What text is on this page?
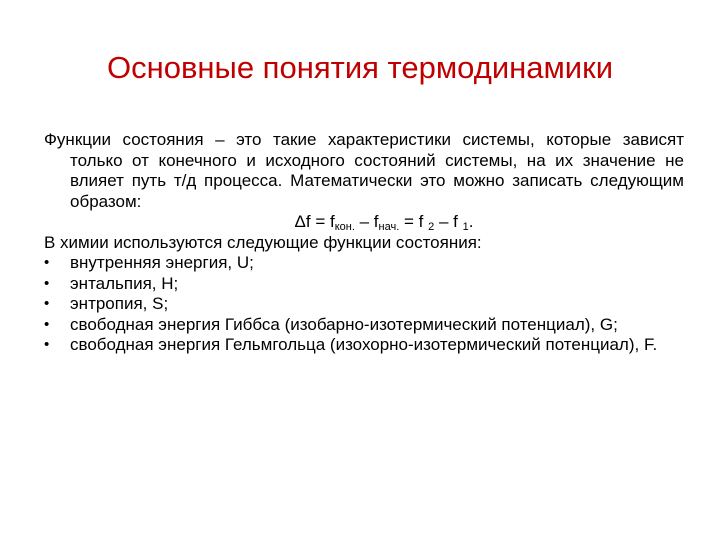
Основные понятия термодинамики
Функции состояния – это такие характеристики системы, которые зависят только от конечного и исходного состояний системы, на их значение не влияет путь т/д процесса. Математически это можно записать следующим образом:
$\Delta f = f_{кон.} - f_{нач.} = f$ $_2$ – f $_1$.
В химии используются следующие функции состояния:
•	внутренняя энергия, U;
•	энтальпия, H;
•	энтропия, S;
•	свободная энергия Гиббса (изобарно-изотермический потенциал), G;
•	свободная энергия Гельмгольца (изохорно-изотермический потенциал), F.
